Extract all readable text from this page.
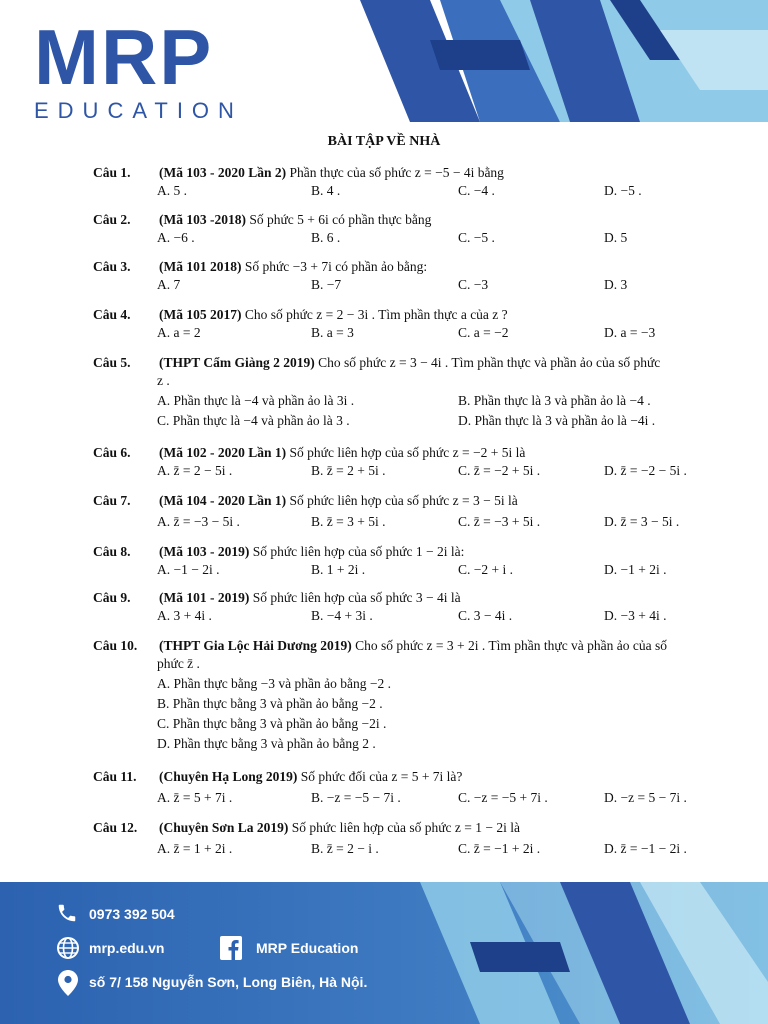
MRP
EDUCATION
BÀI TẬP VỀ NHÀ
Câu 1. (Mã 103 - 2020 Lần 2) Phần thực của số phức z = −5 − 4i bằng
A. 5 .	B. 4 .	C. −4 .	D. −5 .
Câu 2. (Mã 103 -2018) Số phức 5 + 6i có phần thực bằng
A. −6 .	B. 6 .	C. −5 .	D. 5
Câu 3. (Mã 101 2018) Số phức −3 + 7i có phần ảo bằng:
A. 7	B. −7	C. −3	D. 3
Câu 4. (Mã 105 2017) Cho số phức z = 2 − 3i . Tìm phần thực a của z ?
A. a = 2	B. a = 3	C. a = −2	D. a = −3
Câu 5. (THPT Cẩm Giàng 2 2019) Cho số phức z = 3 − 4i . Tìm phần thực và phần ảo của số phức
z .
A. Phần thực là −4 và phần ảo là 3i .	B. Phần thực là 3 và phần ảo là −4 .
C. Phần thực là −4 và phần ảo là 3 .	D. Phần thực là 3 và phần ảo là −4i .
Câu 6. (Mã 102 - 2020 Lần 1) Số phức liên hợp của số phức z = −2 + 5i là
A. z̄ = 2 − 5i .	B. z̄ = 2 + 5i .	C. z̄ = −2 + 5i .	D. z̄ = −2 − 5i .
Câu 7. (Mã 104 - 2020 Lần 1) Số phức liên hợp của số phức z = 3 − 5i là
A. z̄ = −3 − 5i .	B. z̄ = 3 + 5i .	C. z̄ = −3 + 5i .	D. z̄ = 3 − 5i .
Câu 8. (Mã 103 - 2019) Số phức liên hợp của số phức 1 − 2i là:
A. −1 − 2i .	B. 1 + 2i .	C. −2 + i .	D. −1 + 2i .
Câu 9. (Mã 101 - 2019) Số phức liên hợp của số phức 3 − 4i là
A. 3 + 4i .	B. −4 + 3i .	C. 3 − 4i .	D. −3 + 4i .
Câu 10. (THPT Gia Lộc Hải Dương 2019) Cho số phức z = 3 + 2i . Tìm phần thực và phần ảo của số
phức z̄ .
A. Phần thực bằng −3 và phần ảo bằng −2 .
B. Phần thực bằng 3 và phần ảo bằng −2 .
C. Phần thực bằng 3 và phần ảo bằng −2i .
D. Phần thực bằng 3 và phần ảo bằng 2 .
Câu 11. (Chuyên Hạ Long 2019) Số phức đối của z = 5 + 7i là?
A. z̄ = 5 + 7i .	B. −z = −5 − 7i .	C. −z = −5 + 7i .	D. −z = 5 − 7i .
Câu 12. (Chuyên Sơn La 2019) Số phức liên hợp của số phức z = 1 − 2i là
A. z̄ = 1 + 2i .	B. z̄ = 2 − i .	C. z̄ = −1 + 2i .	D. z̄ = −1 − 2i .
0973 392 504
mrp.edu.vn	MRP Education
số 7/ 158 Nguyễn Sơn, Long Biên, Hà Nội.
